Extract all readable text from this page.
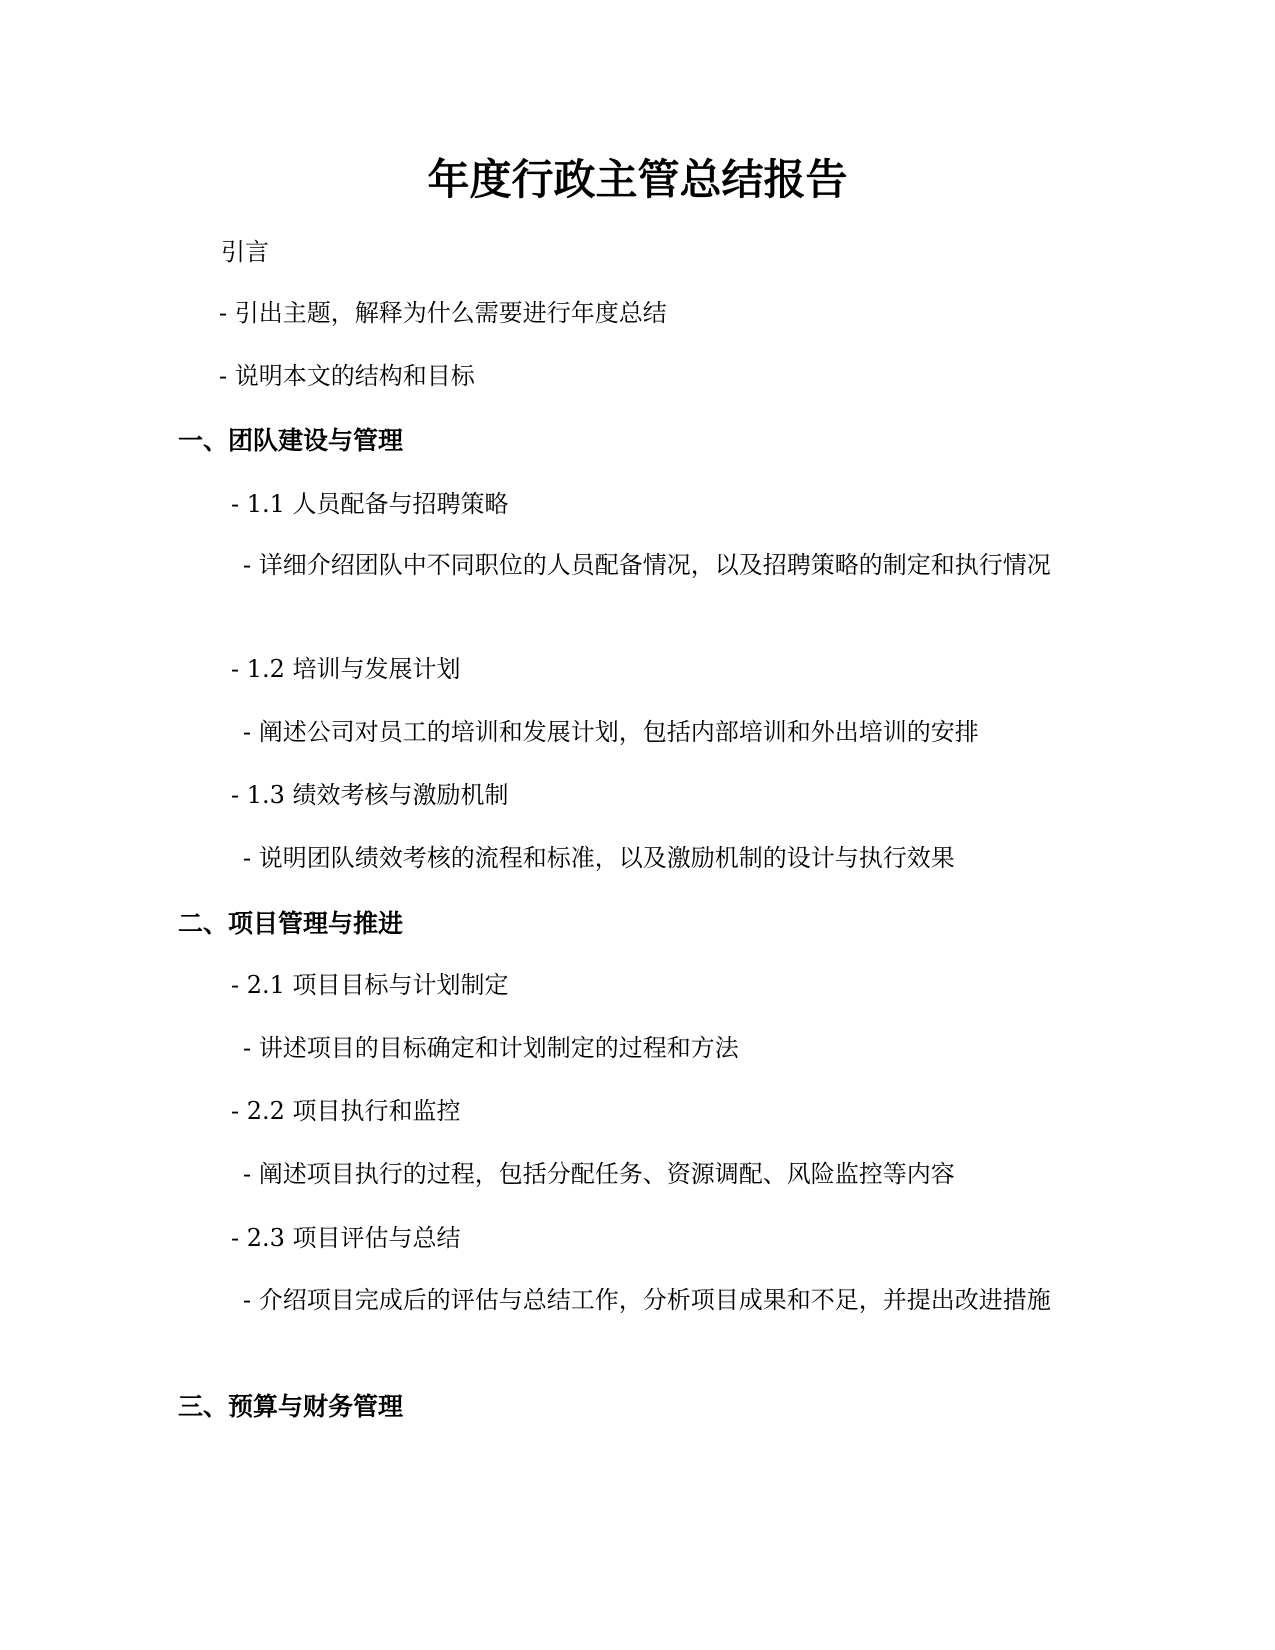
年度行政主管总结报告

引言

- 引出主题，解释为什么需要进行年度总结

- 说明本文的结构和目标

一、团队建设与管理

- 1.1 人员配备与招聘策略

- 详细介绍团队中不同职位的人员配备情况，以及招聘策略的制定和执行情况

- 1.2 培训与发展计划

- 阐述公司对员工的培训和发展计划，包括内部培训和外出培训的安排

- 1.3 绩效考核与激励机制

- 说明团队绩效考核的流程和标准，以及激励机制的设计与执行效果

二、项目管理与推进

- 2.1 项目目标与计划制定

- 讲述项目的目标确定和计划制定的过程和方法

- 2.2 项目执行和监控

- 阐述项目执行的过程，包括分配任务、资源调配、风险监控等内容

- 2.3 项目评估与总结

- 介绍项目完成后的评估与总结工作，分析项目成果和不足，并提出改进措施

三、预算与财务管理
